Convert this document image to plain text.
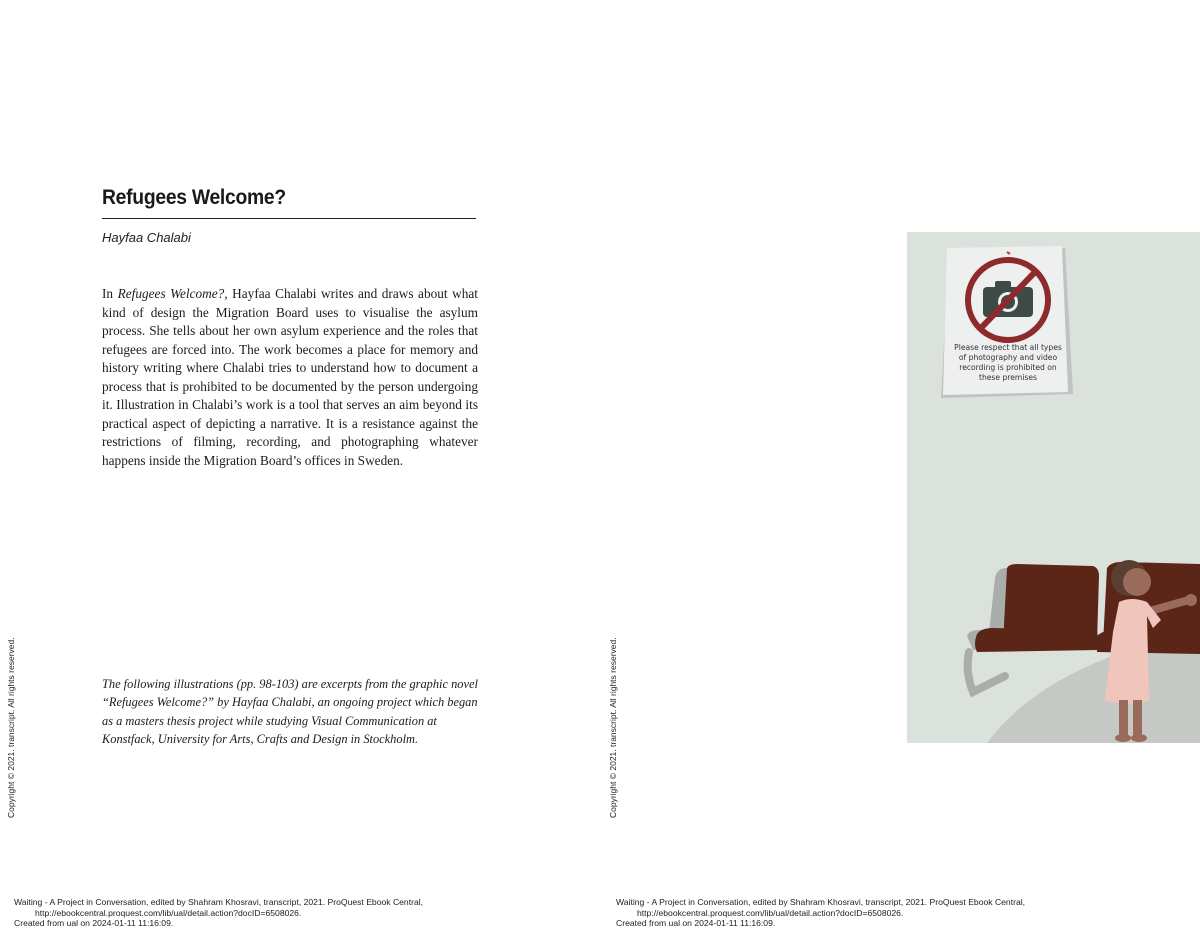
Refugees Welcome?
Hayfaa Chalabi

In Refugees Welcome?, Hayfaa Chalabi writes and draws about what kind of design the Migration Board uses to visualise the asylum process. She tells about her own asylum experience and the roles that refugees are forced into. The work becomes a place for memory and history writing where Chalabi tries to understand how to document a process that is prohibited to be documented by the person undergoing it. Illustration in Chalabi’s work is a tool that serves an aim beyond its practical aspect of depicting a narrative. It is a resistance against the restrictions of filming, recording, and photographing whatever happens inside the Migration Board’s offices in Sweden.

The following illustrations (pp. 98-103) are excerpts from the graphic novel “Refugees Welcome?” by Hayfaa Chalabi, an ongoing project which began as a masters thesis project while studying Visual Communication at Konstfack, University for Arts, Crafts and Design in Stockholm.

Copyright © 2021. transcript. All rights reserved.
Waiting - A Project in Conversation, edited by Shahram Khosravi, transcript, 2021. ProQuest Ebook Central,
http://ebookcentral.proquest.com/lib/ual/detail.action?docID=6508026.
Created from ual on 2024-01-11 11:16:09.
Copyright © 2021. transcript. All rights reserved.
Waiting - A Project in Conversation, edited by Shahram Khosravi, transcript, 2021. ProQuest Ebook Central,
http://ebookcentral.proquest.com/lib/ual/detail.action?docID=6508026.
Created from ual on 2024-01-11 11:16:09.
Please respect that all types
of photography and video
recording is prohibited on
these premises
